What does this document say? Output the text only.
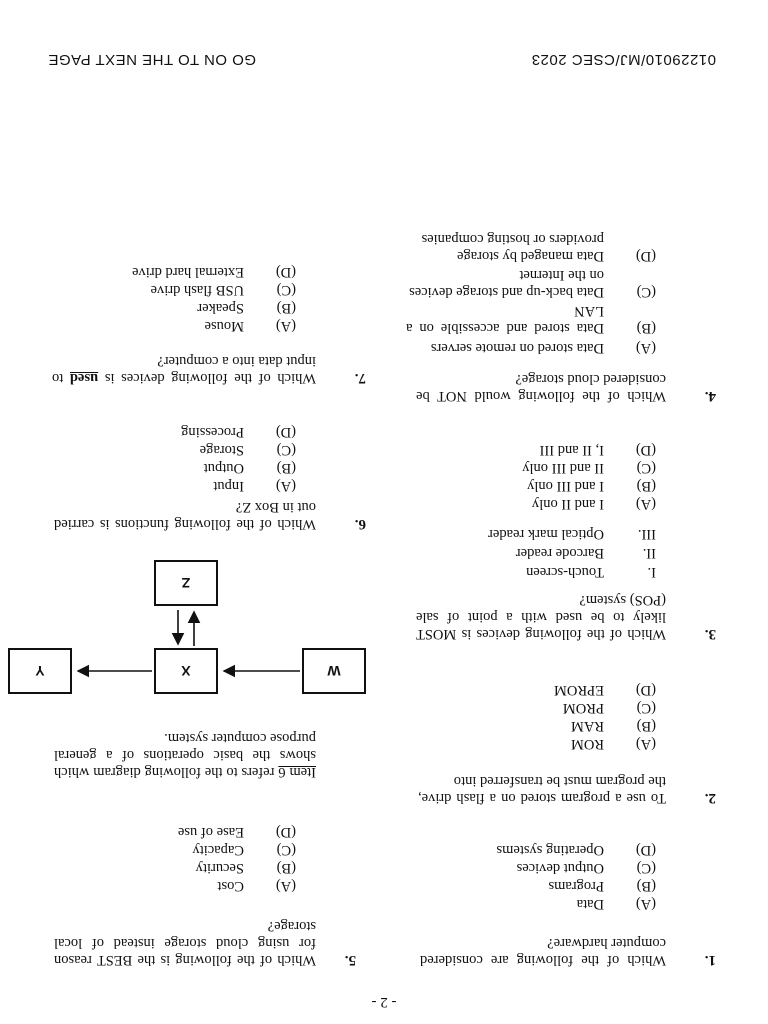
- 2 -
1.
Which of the following are considered computer hardware?
(A)Data
(B)Programs
(C)Output devices
(D)Operating systems
2.
To use a program stored on a flash drive, the program must be transferred into
(A)ROM
(B)RAM
(C)PROM
(D)EPROM
3.
Which of the following devices is MOST likely to be used with a point of sale (POS) system?
I.Touch-screen
II.Barcode reader
III.Optical mark reader
(A)I and II only
(B)I and III only
(C)II and III only
(D)I, II and III
4.
Which of the following would NOT be considered cloud storage?
(A)Data stored on remote servers
(B)
Data stored and accessible on a LAN
(C)
Data back-up and storage devices on the Internet
(D)
Data managed by storage providers or hosting companies
5.
Which of the following is the BEST reason for using cloud storage instead of local storage?
(A)Cost
(B)Security
(C)Capacity
(D)Ease of use
Item 6 refers to the following diagram which shows the basic operations of a general purpose computer system.
W
X
Y
Z
6.
Which of the following functions is carried out in Box Z?
(A)Input
(B)Output
(C)Storage
(D)Processing
7.
Which of the following devices is used to input data into a computer?
(A)Mouse
(B)Speaker
(C)USB flash drive
(D)External hard drive
01229010/MJ/CSEC 2023
GO ON TO THE NEXT PAGE
